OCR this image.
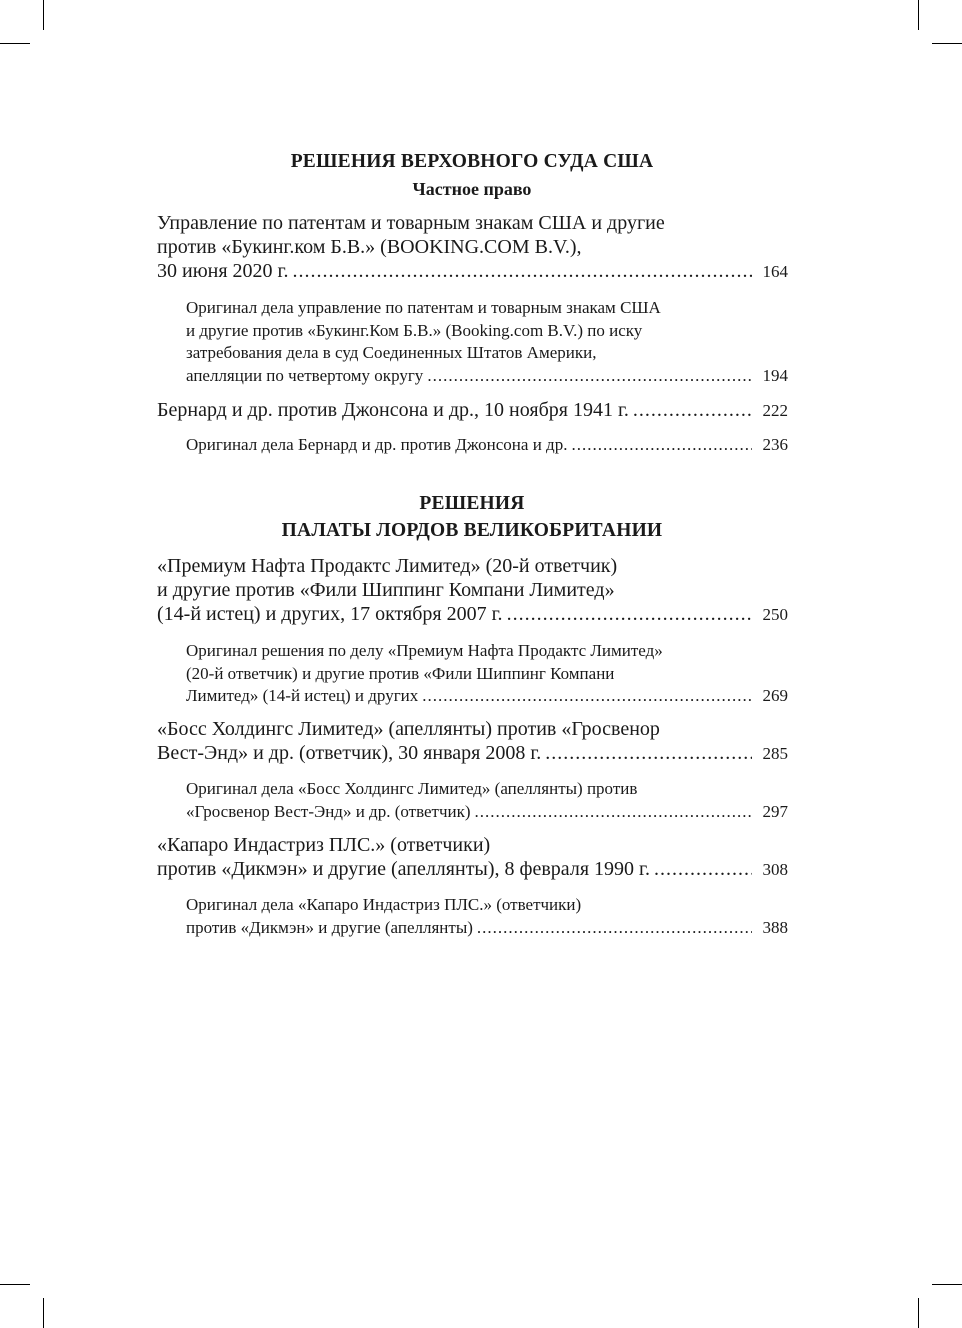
РЕШЕНИЯ ВЕРХОВНОГО СУДА США
Частное право
Управление по патентам и товарным знакам США и другие
против «Букинг.ком Б.В.» (BOOKING.COM B.V.),
30 июня 2020 г. .....	164
Оригинал дела управление по патентам и товарным знакам США
и другие против «Букинг.Ком Б.В.» (Booking.com B.V.) по иску
затребования дела в суд Соединенных Штатов Америки,
апелляции по четвертому округу .....	194
Бернард и др. против Джонсона и др., 10 ноября 1941 г. .....	222
Оригинал дела Бернард и др. против Джонсона и др. .....	236
РЕШЕНИЯ
ПАЛАТЫ ЛОРДОВ ВЕЛИКОБРИТАНИИ
«Премиум Нафта Продактс Лимитед» (20-й ответчик)
и другие против «Фили Шиппинг Компани Лимитед»
(14-й истец) и других, 17 октября 2007 г. .....	250
Оригинал решения по делу «Премиум Нафта Продактс Лимитед»
(20-й ответчик) и другие против «Фили Шиппинг Компани
Лимитед» (14-й истец) и других .....	269
«Босс Холдингс Лимитед» (апеллянты) против «Гросвенор
Вест-Энд» и др. (ответчик), 30 января 2008 г. .....	285
Оригинал дела «Босс Холдингс Лимитед» (апеллянты) против
«Гросвенор Вест-Энд» и др. (ответчик) .....	297
«Капаро Индастриз ПЛС.» (ответчики)
против «Дикмэн» и другие (апеллянты), 8 февраля 1990 г. .....	308
Оригинал дела «Капаро Индастриз ПЛС.» (ответчики)
против «Дикмэн» и другие (апеллянты) .....	388
